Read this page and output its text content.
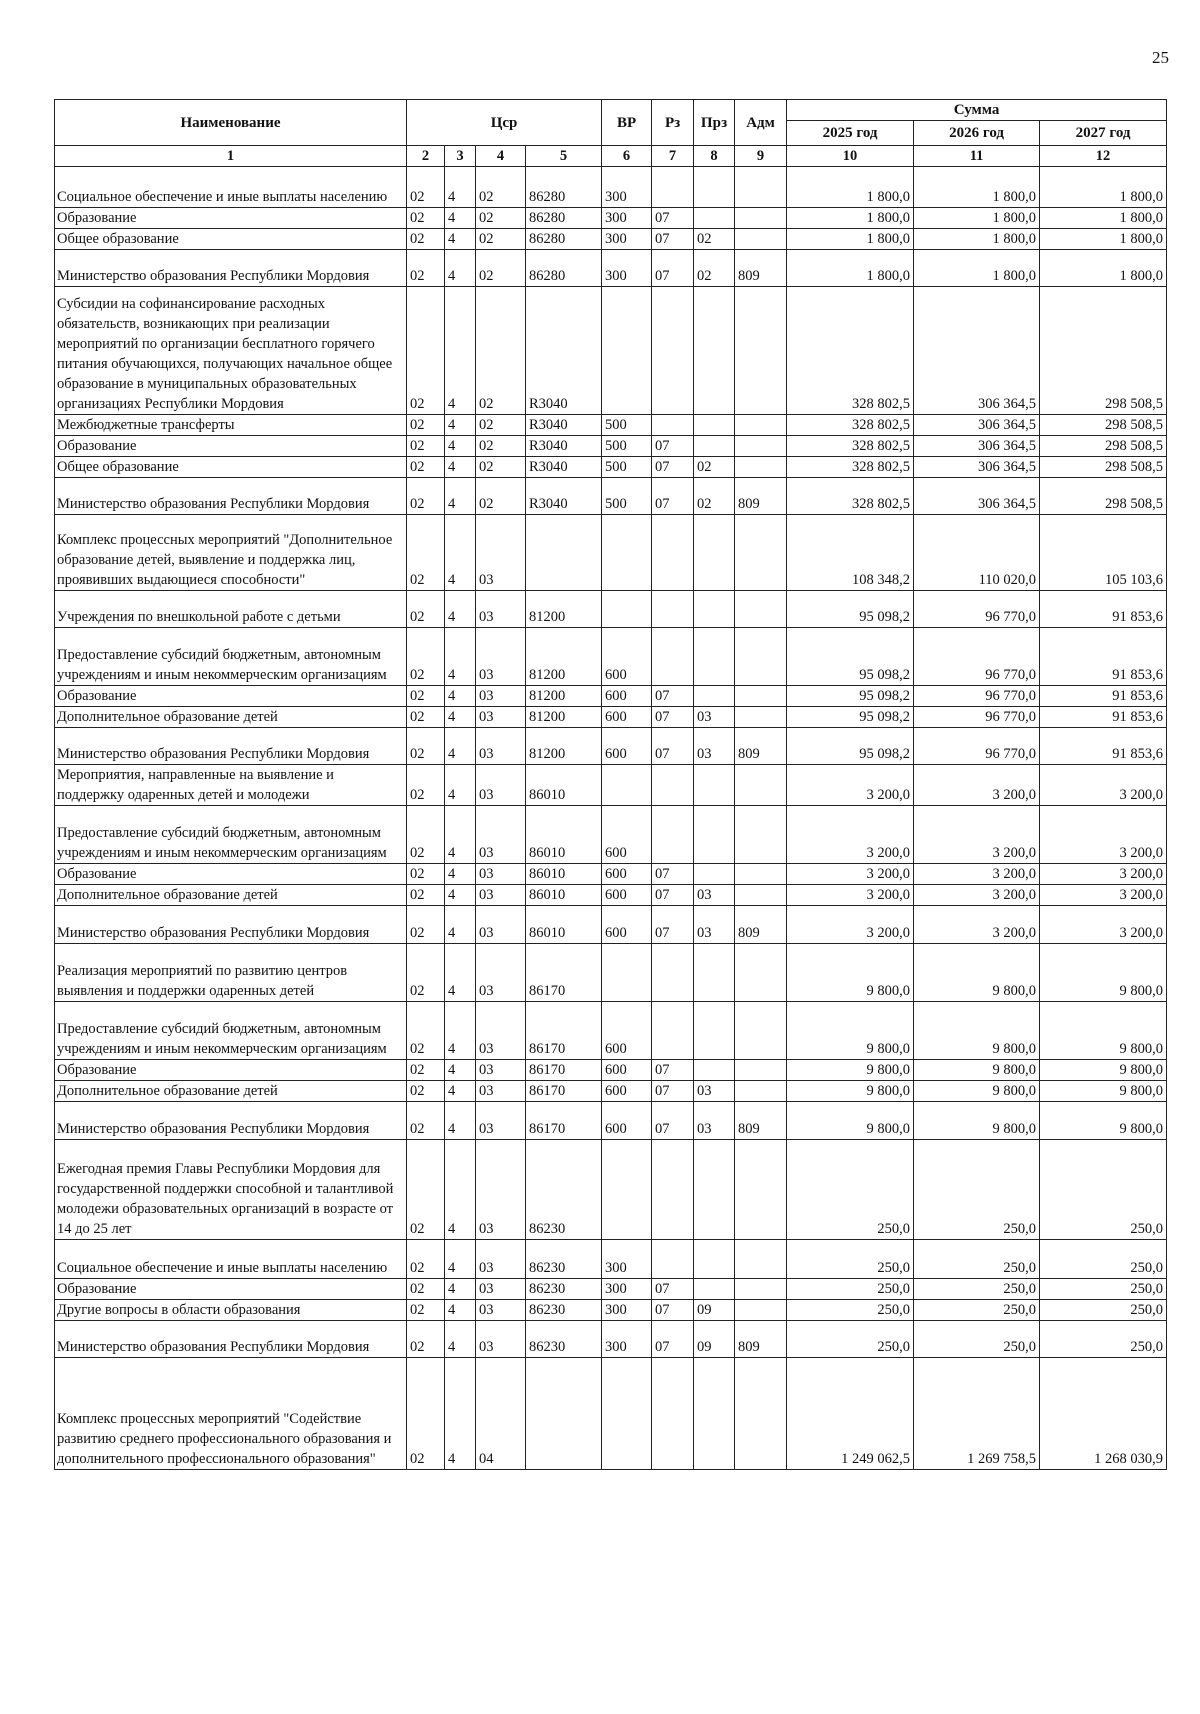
25
Наименование	Цср				ВР	Рз	Прз	Адм	Сумма		
									2025 год	2026 год	2027 год
1	2	3	4	5	6	7	8	9	10	11	12
Социальное обеспечение и иные выплаты населению	02	4	02	86280	300				1 800,0	1 800,0	1 800,0
Образование	02	4	02	86280	300	07			1 800,0	1 800,0	1 800,0
Общее образование	02	4	02	86280	300	07	02		1 800,0	1 800,0	1 800,0
Министерство образования Республики Мордовия	02	4	02	86280	300	07	02	809	1 800,0	1 800,0	1 800,0
Субсидии на софинансирование расходных обязательств, возникающих при реализации мероприятий по организации бесплатного горячего питания обучающихся, получающих начальное общее образование в муниципальных образовательных организациях Республики Мордовия	02	4	02	R3040					328 802,5	306 364,5	298 508,5
Межбюджетные трансферты	02	4	02	R3040	500				328 802,5	306 364,5	298 508,5
Образование	02	4	02	R3040	500	07			328 802,5	306 364,5	298 508,5
Общее образование	02	4	02	R3040	500	07	02		328 802,5	306 364,5	298 508,5
Министерство образования Республики Мордовия	02	4	02	R3040	500	07	02	809	328 802,5	306 364,5	298 508,5
Комплекс процессных мероприятий "Дополнительное образование детей, выявление и поддержка лиц, проявивших выдающиеся способности"	02	4	03						108 348,2	110 020,0	105 103,6
Учреждения по внешкольной работе с детьми	02	4	03	81200					95 098,2	96 770,0	91 853,6
Предоставление субсидий бюджетным, автономным учреждениям и иным некоммерческим организациям	02	4	03	81200	600				95 098,2	96 770,0	91 853,6
Образование	02	4	03	81200	600	07			95 098,2	96 770,0	91 853,6
Дополнительное образование детей	02	4	03	81200	600	07	03		95 098,2	96 770,0	91 853,6
Министерство образования Республики Мордовия	02	4	03	81200	600	07	03	809	95 098,2	96 770,0	91 853,6
Мероприятия, направленные на выявление и поддержку одаренных детей и молодежи	02	4	03	86010					3 200,0	3 200,0	3 200,0
Предоставление субсидий бюджетным, автономным учреждениям и иным некоммерческим организациям	02	4	03	86010	600				3 200,0	3 200,0	3 200,0
Образование	02	4	03	86010	600	07			3 200,0	3 200,0	3 200,0
Дополнительное образование детей	02	4	03	86010	600	07	03		3 200,0	3 200,0	3 200,0
Министерство образования Республики Мордовия	02	4	03	86010	600	07	03	809	3 200,0	3 200,0	3 200,0
Реализация мероприятий по развитию центров выявления и поддержки одаренных детей	02	4	03	86170					9 800,0	9 800,0	9 800,0
Предоставление субсидий бюджетным, автономным учреждениям и иным некоммерческим организациям	02	4	03	86170	600				9 800,0	9 800,0	9 800,0
Образование	02	4	03	86170	600	07			9 800,0	9 800,0	9 800,0
Дополнительное образование детей	02	4	03	86170	600	07	03		9 800,0	9 800,0	9 800,0
Министерство образования Республики Мордовия	02	4	03	86170	600	07	03	809	9 800,0	9 800,0	9 800,0
Ежегодная премия Главы Республики Мордовия для государственной поддержки способной и талантливой молодежи образовательных организаций в возрасте от 14 до 25 лет	02	4	03	86230					250,0	250,0	250,0
Социальное обеспечение и иные выплаты населению	02	4	03	86230	300				250,0	250,0	250,0
Образование	02	4	03	86230	300	07			250,0	250,0	250,0
Другие вопросы в области образования	02	4	03	86230	300	07	09		250,0	250,0	250,0
Министерство образования Республики Мордовия	02	4	03	86230	300	07	09	809	250,0	250,0	250,0
Комплекс процессных мероприятий "Содействие развитию среднего профессионального образования и дополнительного профессионального образования"	02	4	04						1 249 062,5	1 269 758,5	1 268 030,9
